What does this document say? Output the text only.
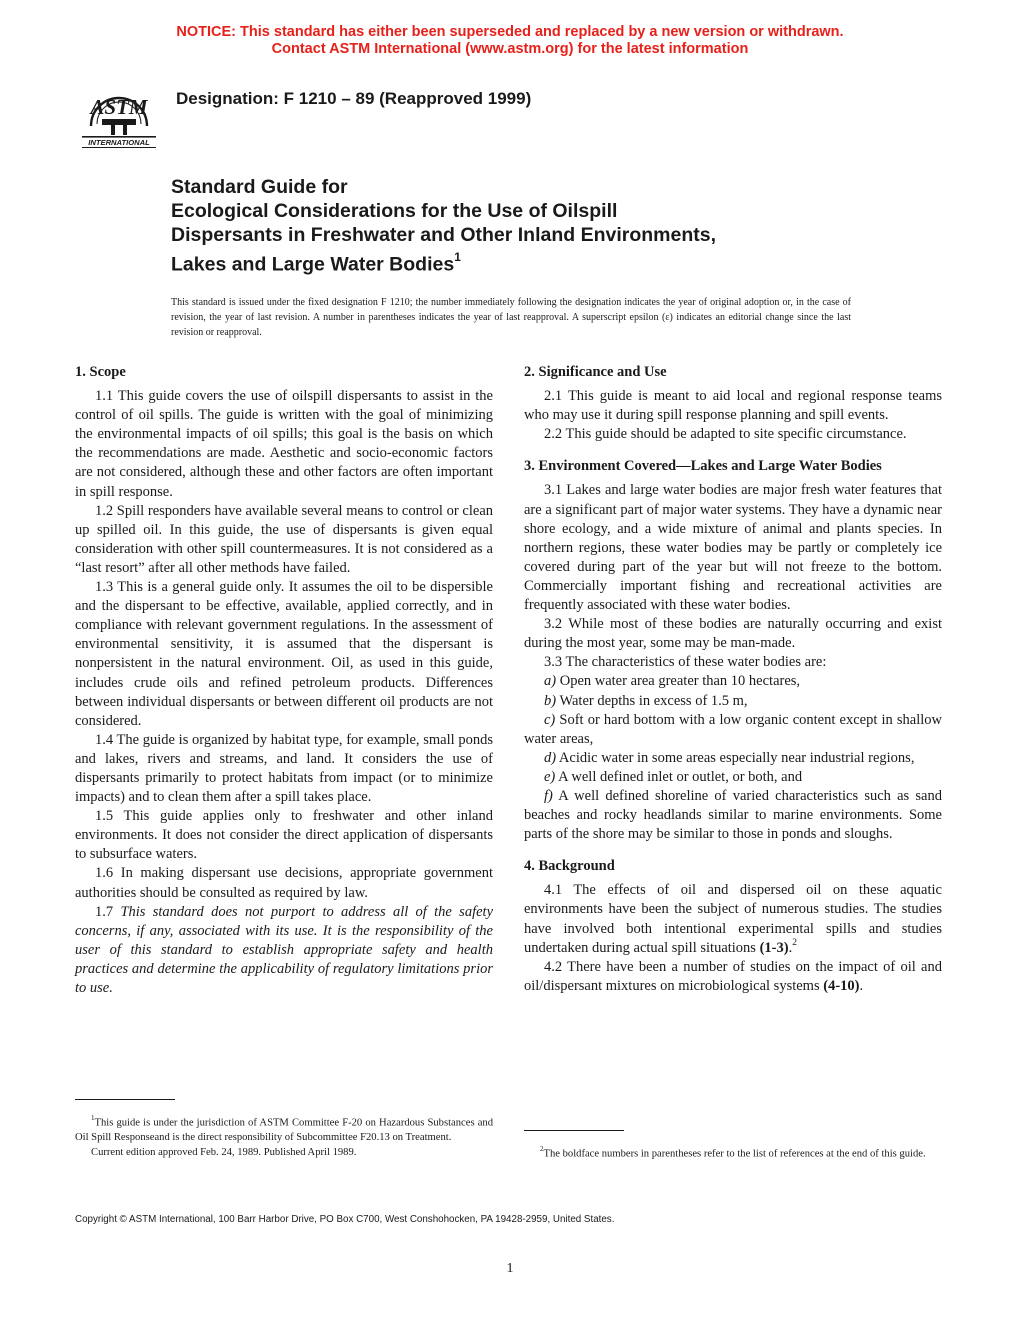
NOTICE: This standard has either been superseded and replaced by a new version or withdrawn.
Contact ASTM International (www.astm.org) for the latest information
ASTM
INTERNATIONAL
Designation: F 1210 – 89 (Reapproved 1999)
Standard Guide for
Ecological Considerations for the Use of Oilspill
Dispersants in Freshwater and Other Inland Environments,
Lakes and Large Water Bodies$^1$
This standard is issued under the fixed designation F 1210; the number immediately following the designation indicates the year of original adoption or, in the case of revision, the year of last revision. A number in parentheses indicates the year of last reapproval. A superscript epsilon (ε) indicates an editorial change since the last revision or reapproval.
1. Scope

1.1 This guide covers the use of oilspill dispersants to assist in the control of oil spills. The guide is written with the goal of minimizing the environmental impacts of oil spills; this goal is the basis on which the recommendations are made. Aesthetic and socio-economic factors are not considered, although these and other factors are often important in spill response.

1.2 Spill responders have available several means to control or clean up spilled oil. In this guide, the use of dispersants is given equal consideration with other spill countermeasures. It is not considered as a “last resort” after all other methods have failed.

1.3 This is a general guide only. It assumes the oil to be dispersible and the dispersant to be effective, available, applied correctly, and in compliance with relevant government regulations. In the assessment of environmental sensitivity, it is assumed that the dispersant is nonpersistent in the natural environment. Oil, as used in this guide, includes crude oils and refined petroleum products. Differences between individual dispersants or between different oil products are not considered.

1.4 The guide is organized by habitat type, for example, small ponds and lakes, rivers and streams, and land. It considers the use of dispersants primarily to protect habitats from impact (or to minimize impacts) and to clean them after a spill takes place.

1.5 This guide applies only to freshwater and other inland environments. It does not consider the direct application of dispersants to subsurface waters.

1.6 In making dispersant use decisions, appropriate government authorities should be consulted as required by law.

1.7 This standard does not purport to address all of the safety concerns, if any, associated with its use. It is the responsibility of the user of this standard to establish appropriate safety and health practices and determine the applicability of regulatory limitations prior to use.

2. Significance and Use

2.1 This guide is meant to aid local and regional response teams who may use it during spill response planning and spill events.

2.2 This guide should be adapted to site specific circumstance.

3. Environment Covered—Lakes and Large Water Bodies

3.1 Lakes and large water bodies are major fresh water features that are a significant part of major water systems. They have a dynamic near shore ecology, and a wide mixture of animal and plants species. In northern regions, these water bodies may be partly or completely ice covered during part of the year but will not freeze to the bottom. Commercially important fishing and recreational activities are frequently associated with these water bodies.

3.2 While most of these bodies are naturally occurring and exist during the most year, some may be man-made.

3.3 The characteristics of these water bodies are:

a) Open water area greater than 10 hectares,

b) Water depths in excess of 1.5 m,

c) Soft or hard bottom with a low organic content except in shallow water areas,

d) Acidic water in some areas especially near industrial regions,

e) A well defined inlet or outlet, or both, and

f) A well defined shoreline of varied characteristics such as sand beaches and rocky headlands similar to marine environments. Some parts of the shore may be similar to those in ponds and sloughs.

4. Background

4.1 The effects of oil and dispersed oil on these aquatic environments have been the subject of numerous studies. The studies have involved both intentional experimental spills and studies undertaken during actual spill situations (1-3).$^2$

4.2 There have been a number of studies on the impact of oil and oil/dispersant mixtures on microbiological systems (4-10).

$^1$This guide is under the jurisdiction of ASTM Committee F-20 on Hazardous Substances and Oil Spill Responseand is the direct responsibility of Subcommittee F20.13 on Treatment.

Current edition approved Feb. 24, 1989. Published April 1989.	$^2$The boldface numbers in parentheses refer to the list of references at the end of this guide.

Copyright © ASTM International, 100 Barr Harbor Drive, PO Box C700, West Conshohocken, PA 19428-2959, United States.
1
